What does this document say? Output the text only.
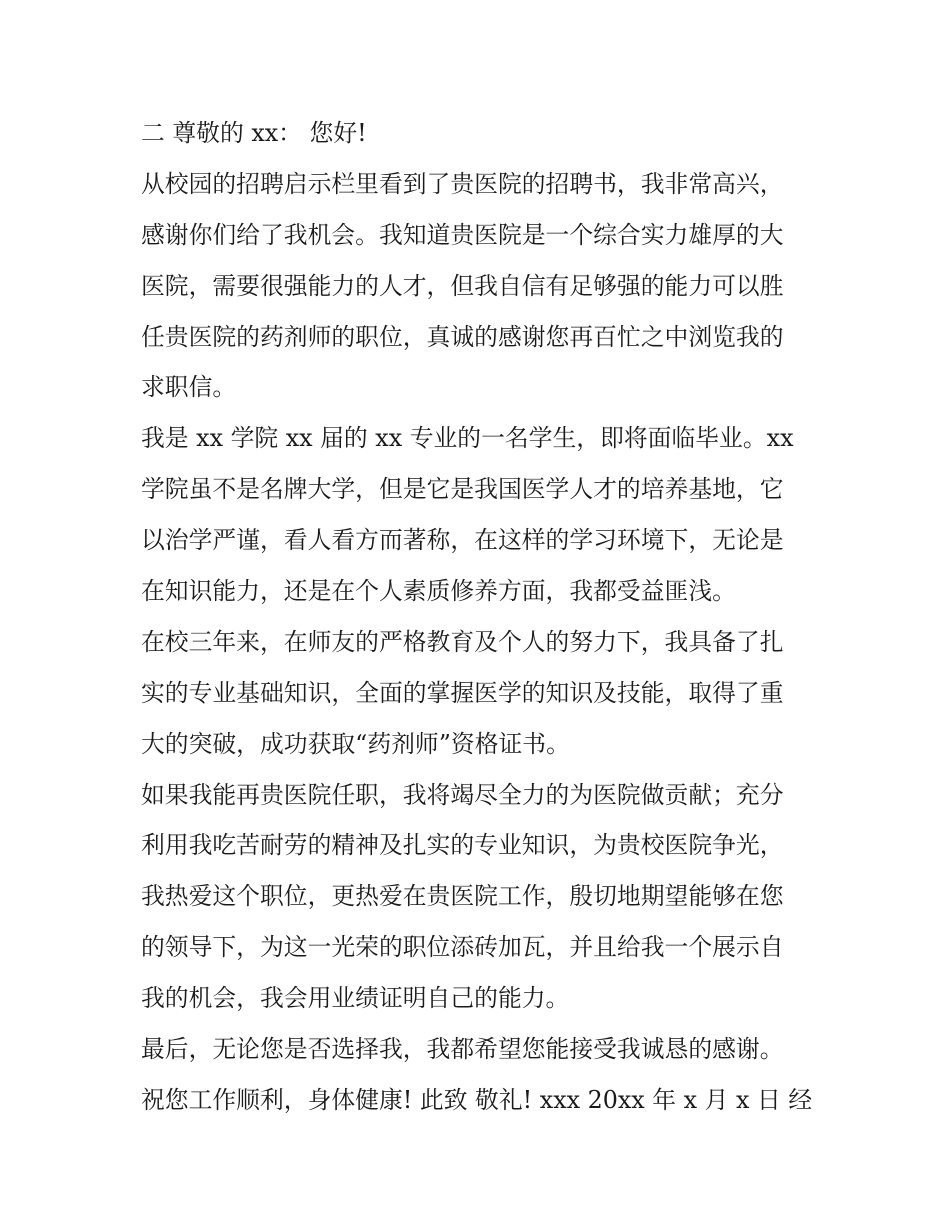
二 尊敬的 xx： 您好!
从校园的招聘启示栏里看到了贵医院的招聘书，我非常高兴，
感谢你们给了我机会。我知道贵医院是一个综合实力雄厚的大
医院，需要很强能力的人才，但我自信有足够强的能力可以胜
任贵医院的药剂师的职位，真诚的感谢您再百忙之中浏览我的
求职信。
我是 xx 学院 xx 届的 xx 专业的一名学生，即将面临毕业。xx
学院虽不是名牌大学，但是它是我国医学人才的培养基地，它
以治学严谨，看人看方而著称，在这样的学习环境下，无论是
在知识能力，还是在个人素质修养方面，我都受益匪浅。
在校三年来，在师友的严格教育及个人的努力下，我具备了扎
实的专业基础知识，全面的掌握医学的知识及技能，取得了重
大的突破，成功获取“药剂师”资格证书。
如果我能再贵医院任职，我将竭尽全力的为医院做贡献；充分
利用我吃苦耐劳的精神及扎实的专业知识，为贵校医院争光，
我热爱这个职位，更热爱在贵医院工作，殷切地期望能够在您
的领导下，为这一光荣的职位添砖加瓦，并且给我一个展示自
我的机会，我会用业绩证明自己的能力。
最后，无论您是否选择我，我都希望您能接受我诚恳的感谢。
祝您工作顺利，身体健康! 此致 敬礼! xxx 20xx 年 x 月 x 日 经
